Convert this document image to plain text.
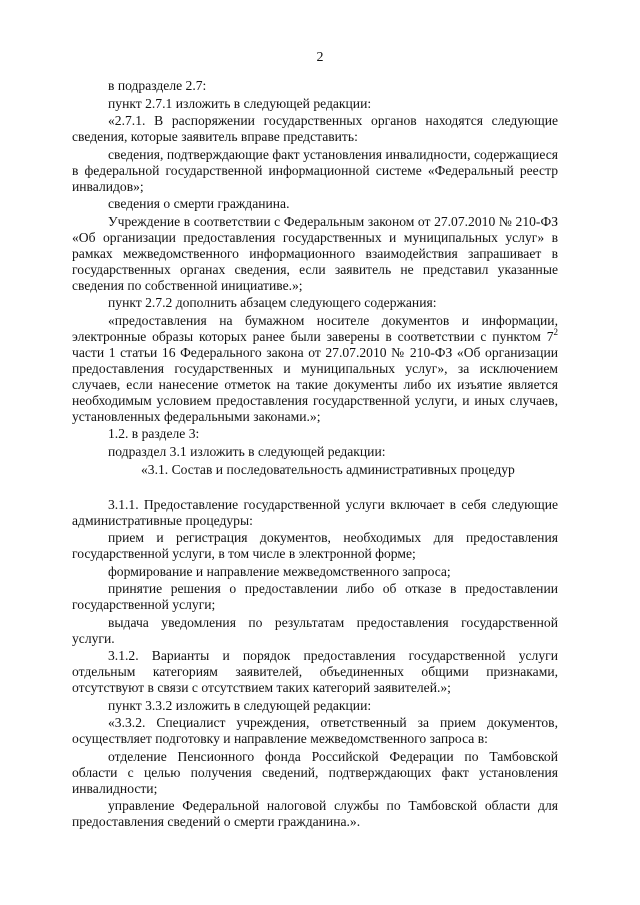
2

в подразделе 2.7:

пункт 2.7.1 изложить в следующей редакции:

«2.7.1. В распоряжении государственных органов находятся следующие сведения, которые заявитель вправе представить:

сведения, подтверждающие факт установления инвалидности, содержащиеся в федеральной государственной информационной системе «Федеральный реестр инвалидов»;

сведения о смерти гражданина.

Учреждение в соответствии с Федеральным законом от 27.07.2010 № 210-ФЗ «Об организации предоставления государственных и муниципальных услуг» в рамках межведомственного информационного взаимодействия запрашивает в государственных органах сведения, если заявитель не представил указанные сведения по собственной инициативе.»;

пункт 2.7.2 дополнить абзацем следующего содержания:

«предоставления на бумажном носителе документов и информации, электронные образы которых ранее были заверены в соответствии с пунктом $7^2$ части 1 статьи 16 Федерального закона от 27.07.2010 № 210-ФЗ «Об организации предоставления государственных и муниципальных услуг», за исключением случаев, если нанесение отметок на такие документы либо их изъятие является необходимым условием предоставления государственной услуги, и иных случаев, установленных федеральными законами.»;

1.2. в разделе 3:

подраздел 3.1 изложить в следующей редакции:

«3.1. Состав и последовательность административных процедур

3.1.1. Предоставление государственной услуги включает в себя следующие административные процедуры:

прием и регистрация документов, необходимых для предоставления государственной услуги, в том числе в электронной форме;

формирование и направление межведомственного запроса;

принятие решения о предоставлении либо об отказе в предоставлении государственной услуги;

выдача уведомления по результатам предоставления государственной услуги.

3.1.2. Варианты и порядок предоставления государственной услуги отдельным категориям заявителей, объединенных общими признаками, отсутствуют в связи с отсутствием таких категорий заявителей.»;

пункт 3.3.2 изложить в следующей редакции:

«3.3.2. Специалист учреждения, ответственный за прием документов, осуществляет подготовку и направление межведомственного запроса в:

отделение Пенсионного фонда Российской Федерации по Тамбовской области с целью получения сведений, подтверждающих факт установления инвалидности;

управление Федеральной налоговой службы по Тамбовской области для предоставления сведений о смерти гражданина.».
